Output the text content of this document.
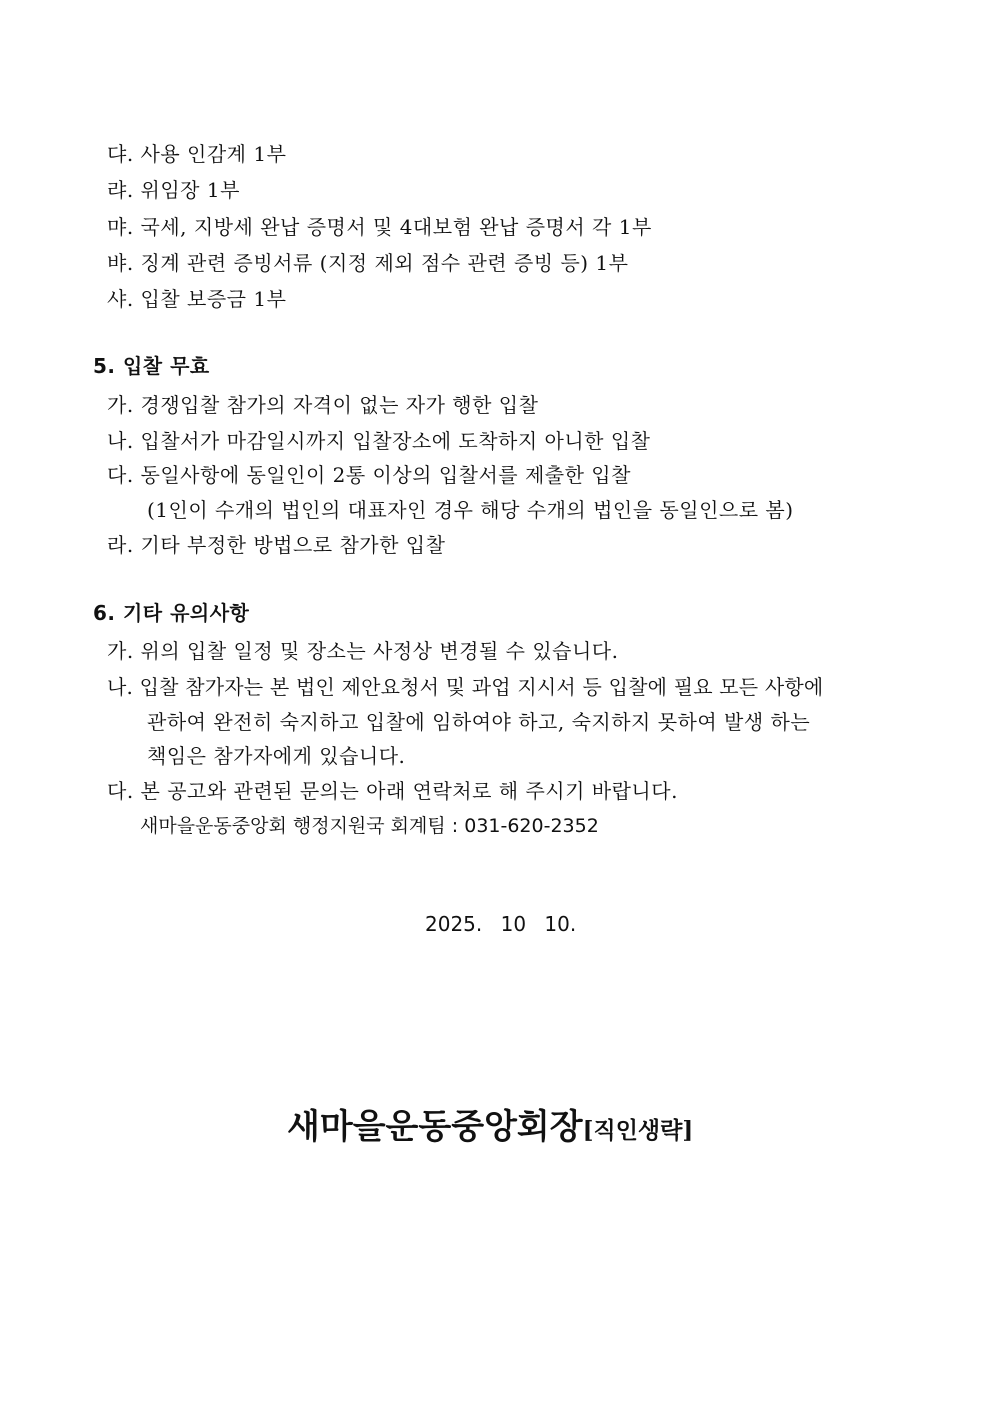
댜. 사용 인감계 1부
랴. 위임장 1부
먀. 국세, 지방세 완납 증명서 및 4대보험 완납 증명서 각 1부
뱌. 징계 관련 증빙서류 (지정 제외 점수 관련 증빙 등) 1부
샤. 입찰 보증금 1부
5. 입찰 무효
가. 경쟁입찰 참가의 자격이 없는 자가 행한 입찰
나. 입찰서가 마감일시까지 입찰장소에 도착하지 아니한 입찰
다. 동일사항에 동일인이 2통 이상의 입찰서를 제출한 입찰
(1인이 수개의 법인의 대표자인 경우 해당 수개의 법인을 동일인으로 봄)
라. 기타 부정한 방법으로 참가한 입찰
6. 기타 유의사항
가. 위의 입찰 일정 및 장소는 사정상 변경될 수 있습니다.
나. 입찰 참가자는 본 법인 제안요청서 및 과업 지시서 등 입찰에 필요 모든 사항에
관하여 완전히 숙지하고 입찰에 임하여야 하고, 숙지하지 못하여 발생 하는
책임은 참가자에게 있습니다.
다. 본 공고와 관련된 문의는 아래 연락처로 해 주시기 바랍니다.
새마을운동중앙회 행정지원국 회계팀 : 031-620-2352
2025. 10 10.
새마을운동중앙회장[직인생략]
